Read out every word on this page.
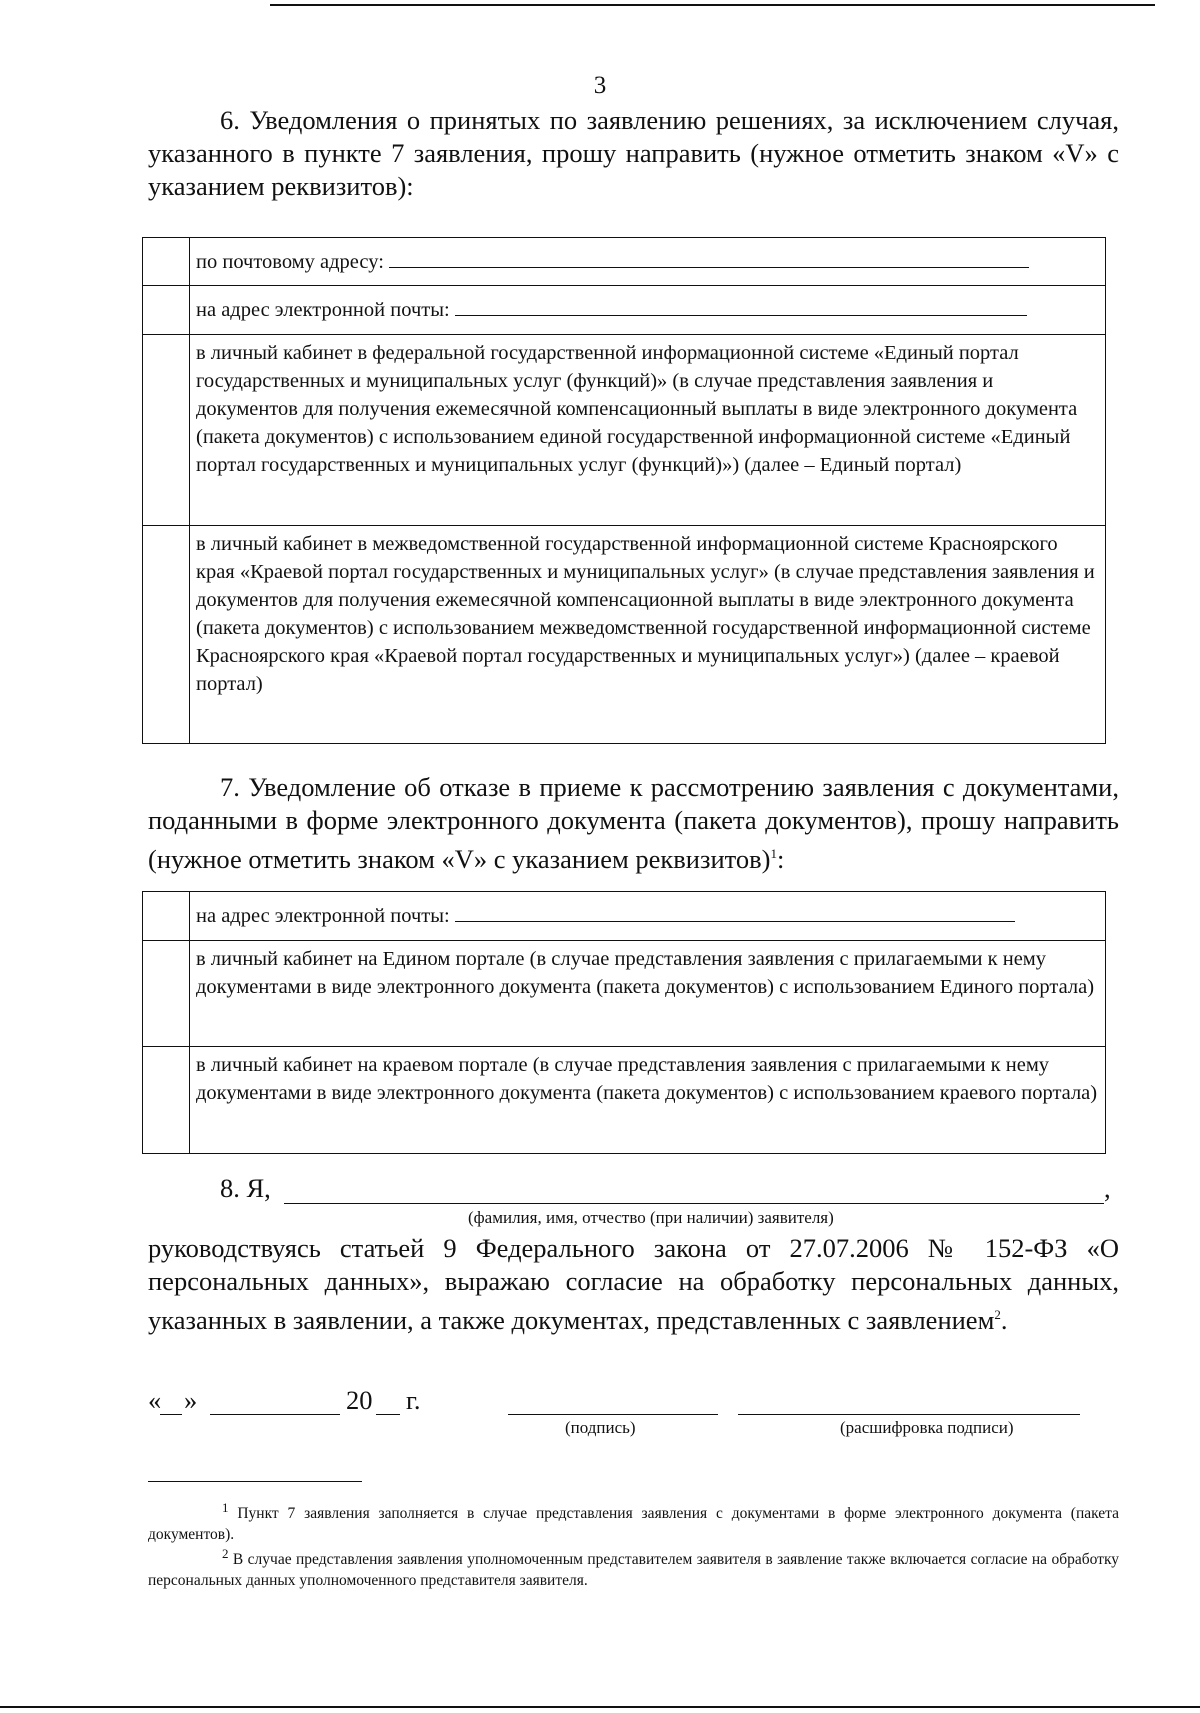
3
6. Уведомления о принятых по заявлению решениях, за исключением случая, указанного в пункте 7 заявления, прошу направить (нужное отметить знаком «V» с указанием реквизитов):
	по почтовому адресу:
	на адрес электронной почты:
	в личный кабинет в федеральной государственной информационной системе «Единый портал государственных и муниципальных услуг (функций)» (в случае представления заявления и документов для получения ежемесячной компенсационный выплаты в виде электронного документа (пакета документов) с использованием единой государственной информационной системе «Единый портал государственных и муниципальных услуг (функций)») (далее – Единый портал)
	в личный кабинет в межведомственной государственной информационной системе Красноярского края «Краевой портал государственных и муниципальных услуг» (в случае представления заявления и документов для получения ежемесячной компенсационной выплаты в виде электронного документа (пакета документов) с использованием межведомственной государственной информационной системе Красноярского края «Краевой портал государственных и муниципальных услуг») (далее – краевой портал)
7. Уведомление об отказе в приеме к рассмотрению заявления с документами, поданными в форме электронного документа (пакета документов), прошу направить (нужное отметить знаком «V» с указанием реквизитов)$^1$:
	на адрес электронной почты:
	в личный кабинет на Едином портале (в случае представления заявления с прилагаемыми к нему документами в виде электронного документа (пакета документов) с использованием Единого портала)
	в личный кабинет на краевом портале (в случае представления заявления с прилагаемыми к нему документами в виде электронного документа (пакета документов) с использованием краевого портала)
8. Я,	,
(фамилия, имя, отчество (при наличии) заявителя)
руководствуясь статьей 9 Федерального закона от 27.07.2006 № 152-ФЗ «О персональных данных», выражаю согласие на обработку персональных данных, указанных в заявлении, а также документах, представленных с заявлением$^2$.
« »	20	г.
(подпись)	(расшифровка подписи)
$^1$ Пункт 7 заявления заполняется в случае представления заявления с документами в форме электронного документа (пакета документов).
$^2$ В случае представления заявления уполномоченным представителем заявителя в заявление также включается согласие на обработку персональных данных уполномоченного представителя заявителя.
